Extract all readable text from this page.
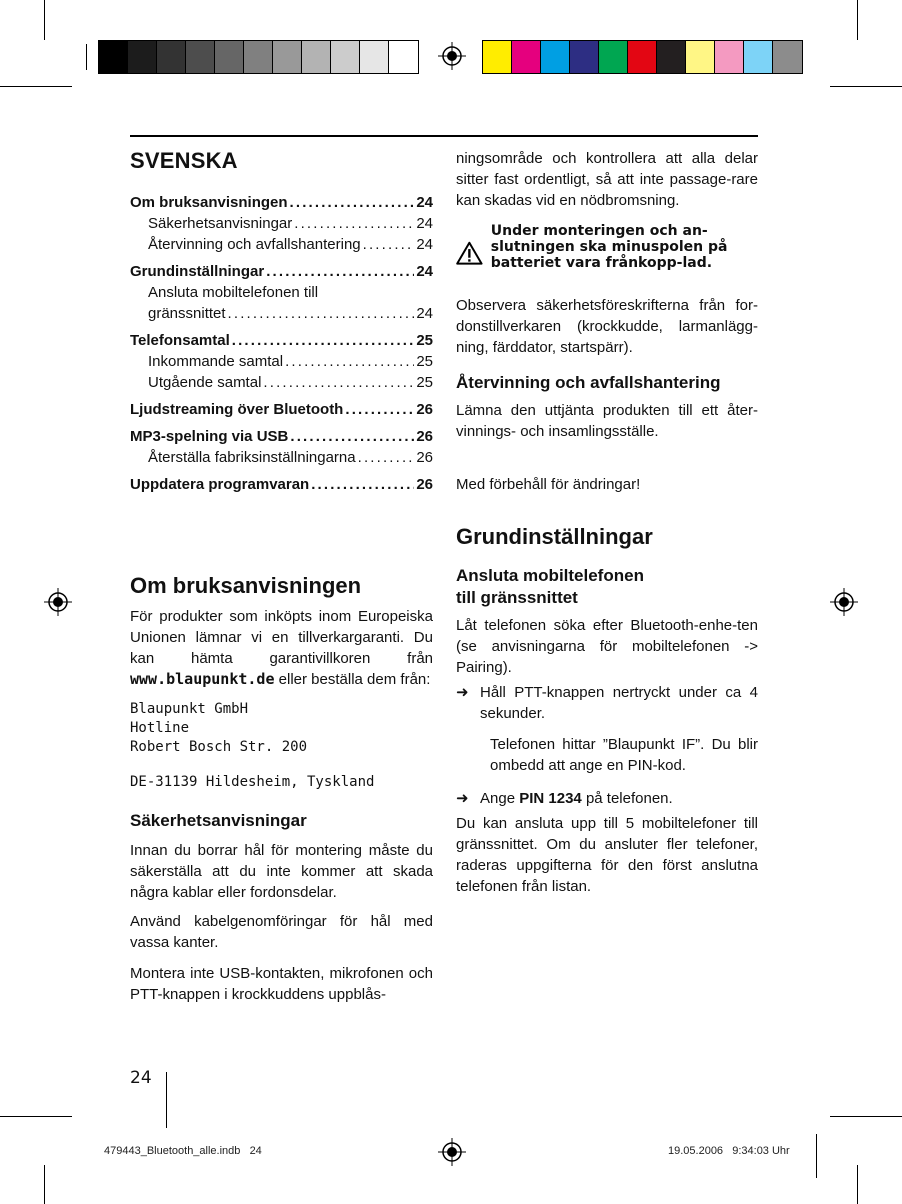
SVENSKA
Om bruksanvisningen . . .	24
Säkerhetsanvisningar . . .	24
Återvinning och avfallshantering . . .	24
Grundinställningar . . .	24
Ansluta mobiltelefonen till
gränssnittet . . .	24
Telefonsamtal . . .	25
Inkommande samtal . . .	25
Utgående samtal . . .	25
Ljudstreaming över Bluetooth . . .	26
MP3-spelning via USB . . .	26
Återställa fabriksinställningarna . . .	26
Uppdatera programvaran . . .	26
Om bruksanvisningen

För produkter som inköpts inom Europeiska Unionen lämnar vi en tillverkargaranti. Du kan hämta garantivillkoren från www.blaupunkt.de eller beställa dem från:

Blaupunkt GmbH
Hotline
Robert Bosch Str. 200
DE-31139 Hildesheim, Tyskland
Säkerhetsanvisningar

Innan du borrar hål för montering måste du säkerställa att du inte kommer att skada några kablar eller fordonsdelar.

Använd kabelgenomföringar för hål med vassa kanter.

Montera inte USB-kontakten, mikrofonen och PTT-knappen i krockkuddens uppblås-

ningsområde och kontrollera att alla delar sitter fast ordentligt, så att inte passage-rare kan skadas vid en nödbromsning.

Under monteringen och an-slutningen ska minuspolen på batteriet vara frånkopp-lad.

Observera säkerhetsföreskrifterna från for-donstillverkaren (krockkudde, larmanlägg-ning, färddator, startspärr).

Återvinning och avfallshantering

Lämna den uttjänta produkten till ett åter-vinnings- och insamlingsställe.

Med förbehåll för ändringar!

Grundinställningar
Ansluta mobiltelefonen
till gränssnittet

Låt telefonen söka efter Bluetooth-enhe-ten (se anvisningarna för mobiltelefonen -> Pairing).

➜ Håll PTT-knappen nertryckt under ca 4 sekunder.

Telefonen hittar ”Blaupunkt IF”. Du blir ombedd att ange en PIN-kod.

➜ Ange PIN 1234 på telefonen.

Du kan ansluta upp till 5 mobiltelefoner till gränssnittet. Om du ansluter fler telefoner, raderas uppgifterna för den först anslutna telefonen från listan.

24
479443_Bluetooth_alle.indb   24	19.05.2006   9:34:03 Uhr
